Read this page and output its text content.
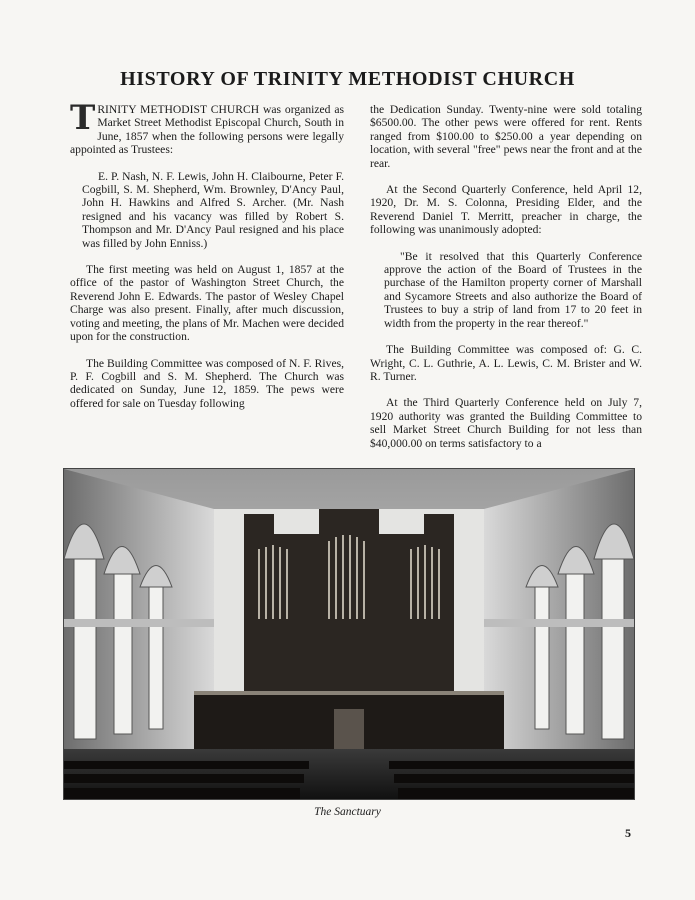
HISTORY OF TRINITY METHODIST CHURCH

TRINITY METHODIST CHURCH was organized as Market Street Methodist Episcopal Church, South in June, 1857 when the following persons were legally appointed as Trustees:

E. P. Nash, N. F. Lewis, John H. Claibourne, Peter F. Cogbill, S. M. Shepherd, Wm. Brownley, D'Ancy Paul, John H. Hawkins and Alfred S. Archer. (Mr. Nash resigned and his vacancy was filled by Robert S. Thompson and Mr. D'Ancy Paul resigned and his place was filled by John Enniss.)

The first meeting was held on August 1, 1857 at the office of the pastor of Washington Street Church, the Reverend John E. Edwards. The pastor of Wesley Chapel Charge was also present. Finally, after much discussion, voting and meeting, the plans of Mr. Machen were decided upon for the construction.

The Building Committee was composed of N. F. Rives, P. F. Cogbill and S. M. Shepherd. The Church was dedicated on Sunday, June 12, 1859. The pews were offered for sale on Tuesday following

the Dedication Sunday. Twenty-nine were sold totaling $6500.00. The other pews were offered for rent. Rents ranged from $100.00 to $250.00 a year depending on location, with several "free" pews near the front and at the rear.

At the Second Quarterly Conference, held April 12, 1920, Dr. M. S. Colonna, Presiding Elder, and the Reverend Daniel T. Merritt, preacher in charge, the following was unanimously adopted:

"Be it resolved that this Quarterly Conference approve the action of the Board of Trustees in the purchase of the Hamilton property corner of Marshall and Sycamore Streets and also authorize the Board of Trustees to buy a strip of land from 17 to 20 feet in width from the property in the rear thereof."

The Building Committee was composed of: G. C. Wright, C. L. Guthrie, A. L. Lewis, C. M. Brister and W. R. Turner.

At the Third Quarterly Conference held on July 7, 1920 authority was granted the Building Committee to sell Market Street Church Building for not less than $40,000.00 on terms satisfactory to a

The Sanctuary
5
